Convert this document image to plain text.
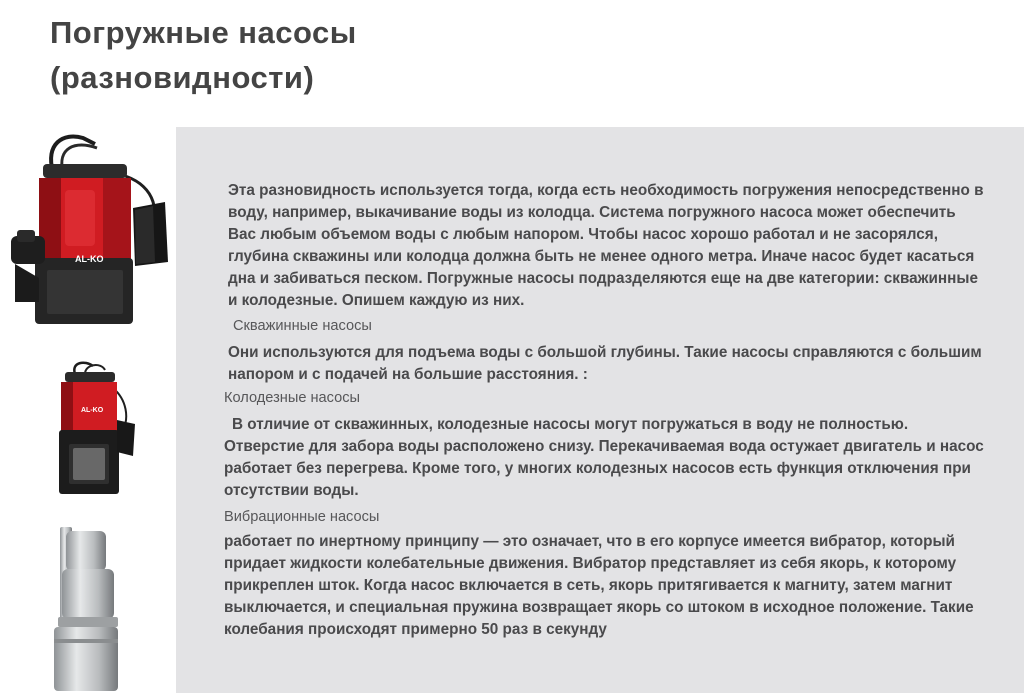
Погружные насосы
(разновидности)
Эта разновидность используется тогда, когда есть необходимость погружения непосредственно в воду, например, выкачивание воды из колодца. Система погружного насоса может обеспечить Вас любым объемом воды с любым напором. Чтобы насос хорошо работал и не засорялся, глубина скважины или колодца должна быть не менее одного метра. Иначе насос будет касаться дна и забиваться песком. Погружные насосы подразделяются еще на две категории: скважинные и колодезные. Опишем каждую из них.
Скважинные насосы
Они используются для подъема воды с большой глубины. Такие насосы справляются с большим напором и с подачей на большие расстояния. :
Колодезные насосы
В отличие от скважинных, колодезные насосы могут погружаться в воду не полностью. Отверстие для забора воды расположено снизу. Перекачиваемая вода остужает двигатель и насос работает без перегрева. Кроме того, у многих колодезных насосов есть функция отключения при отсутствии воды.
Вибрационные насосы
работает по инертному принципу — это означает, что в его корпусе имеется вибратор, который придает жидкости колебательные движения. Вибратор представляет из себя якорь, к которому прикреплен шток. Когда насос включается в сеть, якорь притягивается к магниту, затем магнит выключается, и специальная пружина возвращает якорь со штоком в исходное положение. Такие колебания происходят примерно 50 раз в секунду
AL-KO
AL-KO
